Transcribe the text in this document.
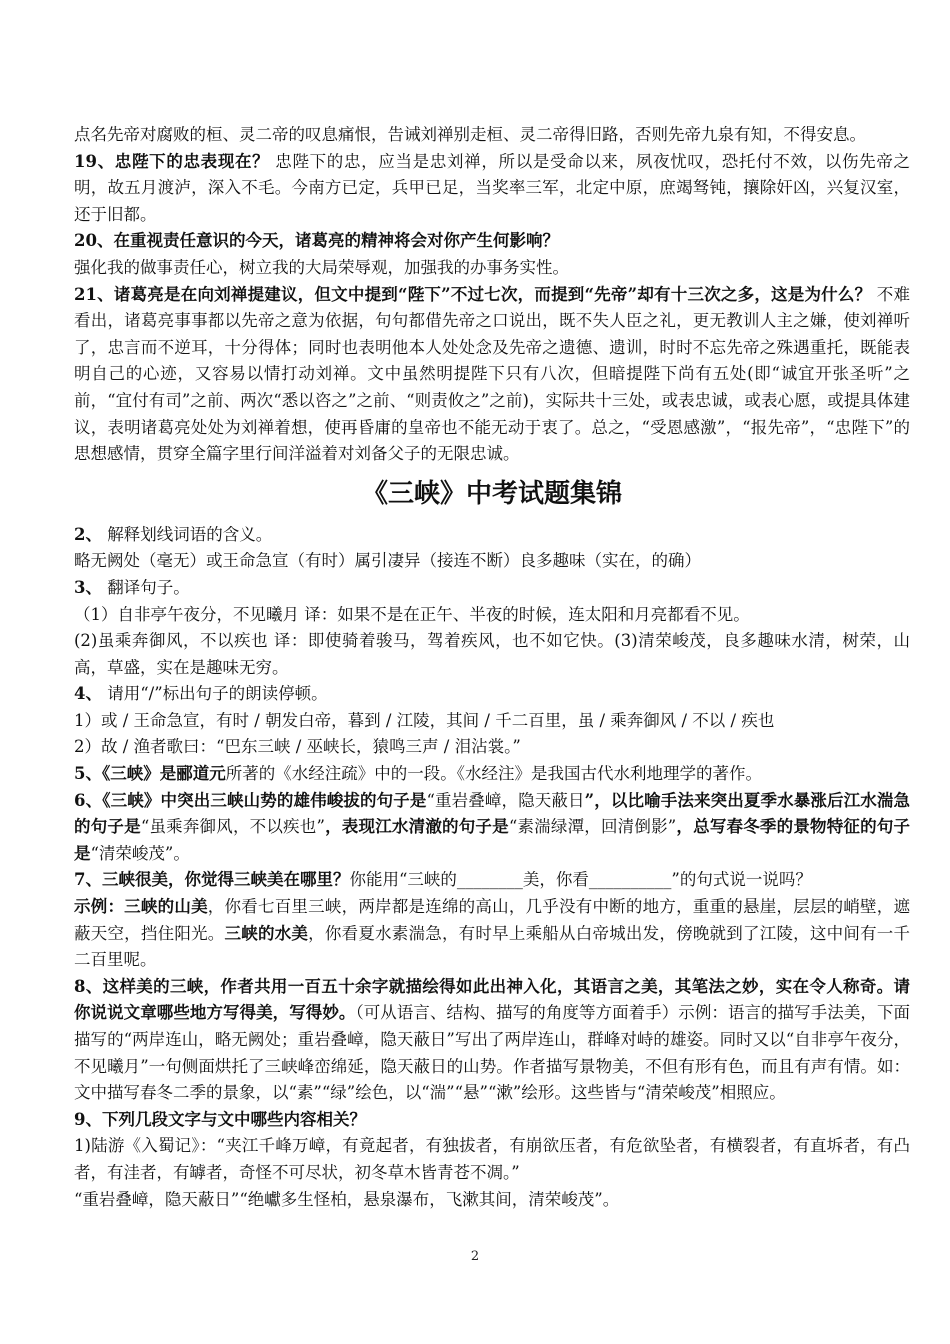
点名先帝对腐败的桓、灵二帝的叹息痛恨，告诫刘禅别走桓、灵二帝得旧路，否则先帝九泉有知，不得安息。

19、忠陛下的忠表现在？ 忠陛下的忠，应当是忠刘禅，所以是受命以来，夙夜忧叹，恐托付不效，以伤先帝之明，故五月渡泸，深入不毛。今南方已定，兵甲已足，当奖率三军，北定中原，庶竭驽钝，攘除奸凶，兴复汉室，还于旧都。

20、在重视责任意识的今天，诸葛亮的精神将会对你产生何影响？

强化我的做事责任心，树立我的大局荣辱观，加强我的办事务实性。

21、诸葛亮是在向刘禅提建议，但文中提到“陛下”不过七次，而提到“先帝”却有十三次之多，这是为什么？ 不难看出，诸葛亮事事都以先帝之意为依据，句句都借先帝之口说出，既不失人臣之礼，更无教训人主之嫌，使刘禅听了，忠言而不逆耳，十分得体；同时也表明他本人处处念及先帝之遗德、遗训，时时不忘先帝之殊遇重托，既能表明自己的心迹，又容易以情打动刘禅。文中虽然明提陛下只有八次，但暗提陛下尚有五处(即“诚宜开张圣听”之前，“宜付有司”之前、两次“悉以咨之”之前、“则责攸之”之前)，实际共十三处，或表忠诚，或表心愿，或提具体建议，表明诸葛亮处处为刘禅着想，使再昏庸的皇帝也不能无动于衷了。总之，“受恩感激”，“报先帝”，“忠陛下”的思想感情，贯穿全篇字里行间洋溢着对刘备父子的无限忠诚。

《三峡》中考试题集锦

2、 解释划线词语的含义。

略无阙处（毫无）或王命急宣（有时）属引凄异（接连不断）良多趣味（实在，的确）

3、 翻译句子。

（1）自非亭午夜分，不见曦月 译：如果不是在正午、半夜的时候，连太阳和月亮都看不见。

(2)虽乘奔御风，不以疾也 译：即使骑着骏马，驾着疾风，也不如它快。(3)清荣峻茂，良多趣味水清，树荣，山高，草盛，实在是趣味无穷。

4、 请用“/”标出句子的朗读停顿。

1）或 / 王命急宣，有时 / 朝发白帝，暮到 / 江陵，其间 / 千二百里，虽 / 乘奔御风 / 不以 / 疾也

2）故 / 渔者歌曰：“巴东三峡 / 巫峡长，猿鸣三声 / 泪沾裳。”

5、《三峡》是郦道元所著的《水经注疏》中的一段。《水经注》是我国古代水利地理学的著作。

6、《三峡》中突出三峡山势的雄伟峻拔的句子是“重岩叠嶂，隐天蔽日”，以比喻手法来突出夏季水暴涨后江水湍急的句子是“虽乘奔御风，不以疾也”，表现江水清澈的句子是“素湍绿潭，回清倒影”，总写春冬季的景物特征的句子是“清荣峻茂”。

7、三峡很美，你觉得三峡美在哪里？你能用“三峡的________美，你看__________”的句式说一说吗？

示例：三峡的山美，你看七百里三峡，两岸都是连绵的高山，几乎没有中断的地方，重重的悬崖，层层的峭壁，遮蔽天空，挡住阳光。三峡的水美，你看夏水素湍急，有时早上乘船从白帝城出发，傍晚就到了江陵，这中间有一千二百里呢。

8、这样美的三峡，作者共用一百五十余字就描绘得如此出神入化，其语言之美，其笔法之妙，实在令人称奇。请你说说文章哪些地方写得美，写得妙。（可从语言、结构、描写的角度等方面着手）示例：语言的描写手法美，下面描写的“两岸连山，略无阙处；重岩叠嶂，隐天蔽日”写出了两岸连山，群峰对峙的雄姿。同时又以“自非亭午夜分，不见曦月”一句侧面烘托了三峡峰峦绵延，隐天蔽日的山势。作者描写景物美，不但有形有色，而且有声有情。如：文中描写春冬二季的景象，以“素”“绿”绘色，以“湍”“悬”“漱”绘形。这些皆与“清荣峻茂”相照应。

9、下列几段文字与文中哪些内容相关？

1)陆游《入蜀记》：“夹江千峰万嶂，有竟起者，有独拔者，有崩欲压者，有危欲坠者，有横裂者，有直坼者，有凸者，有洼者，有罅者，奇怪不可尽状，初冬草木皆青苍不凋。”

“重岩叠嶂，隐天蔽日”“绝巘多生怪柏，悬泉瀑布，飞漱其间，清荣峻茂”。

2
